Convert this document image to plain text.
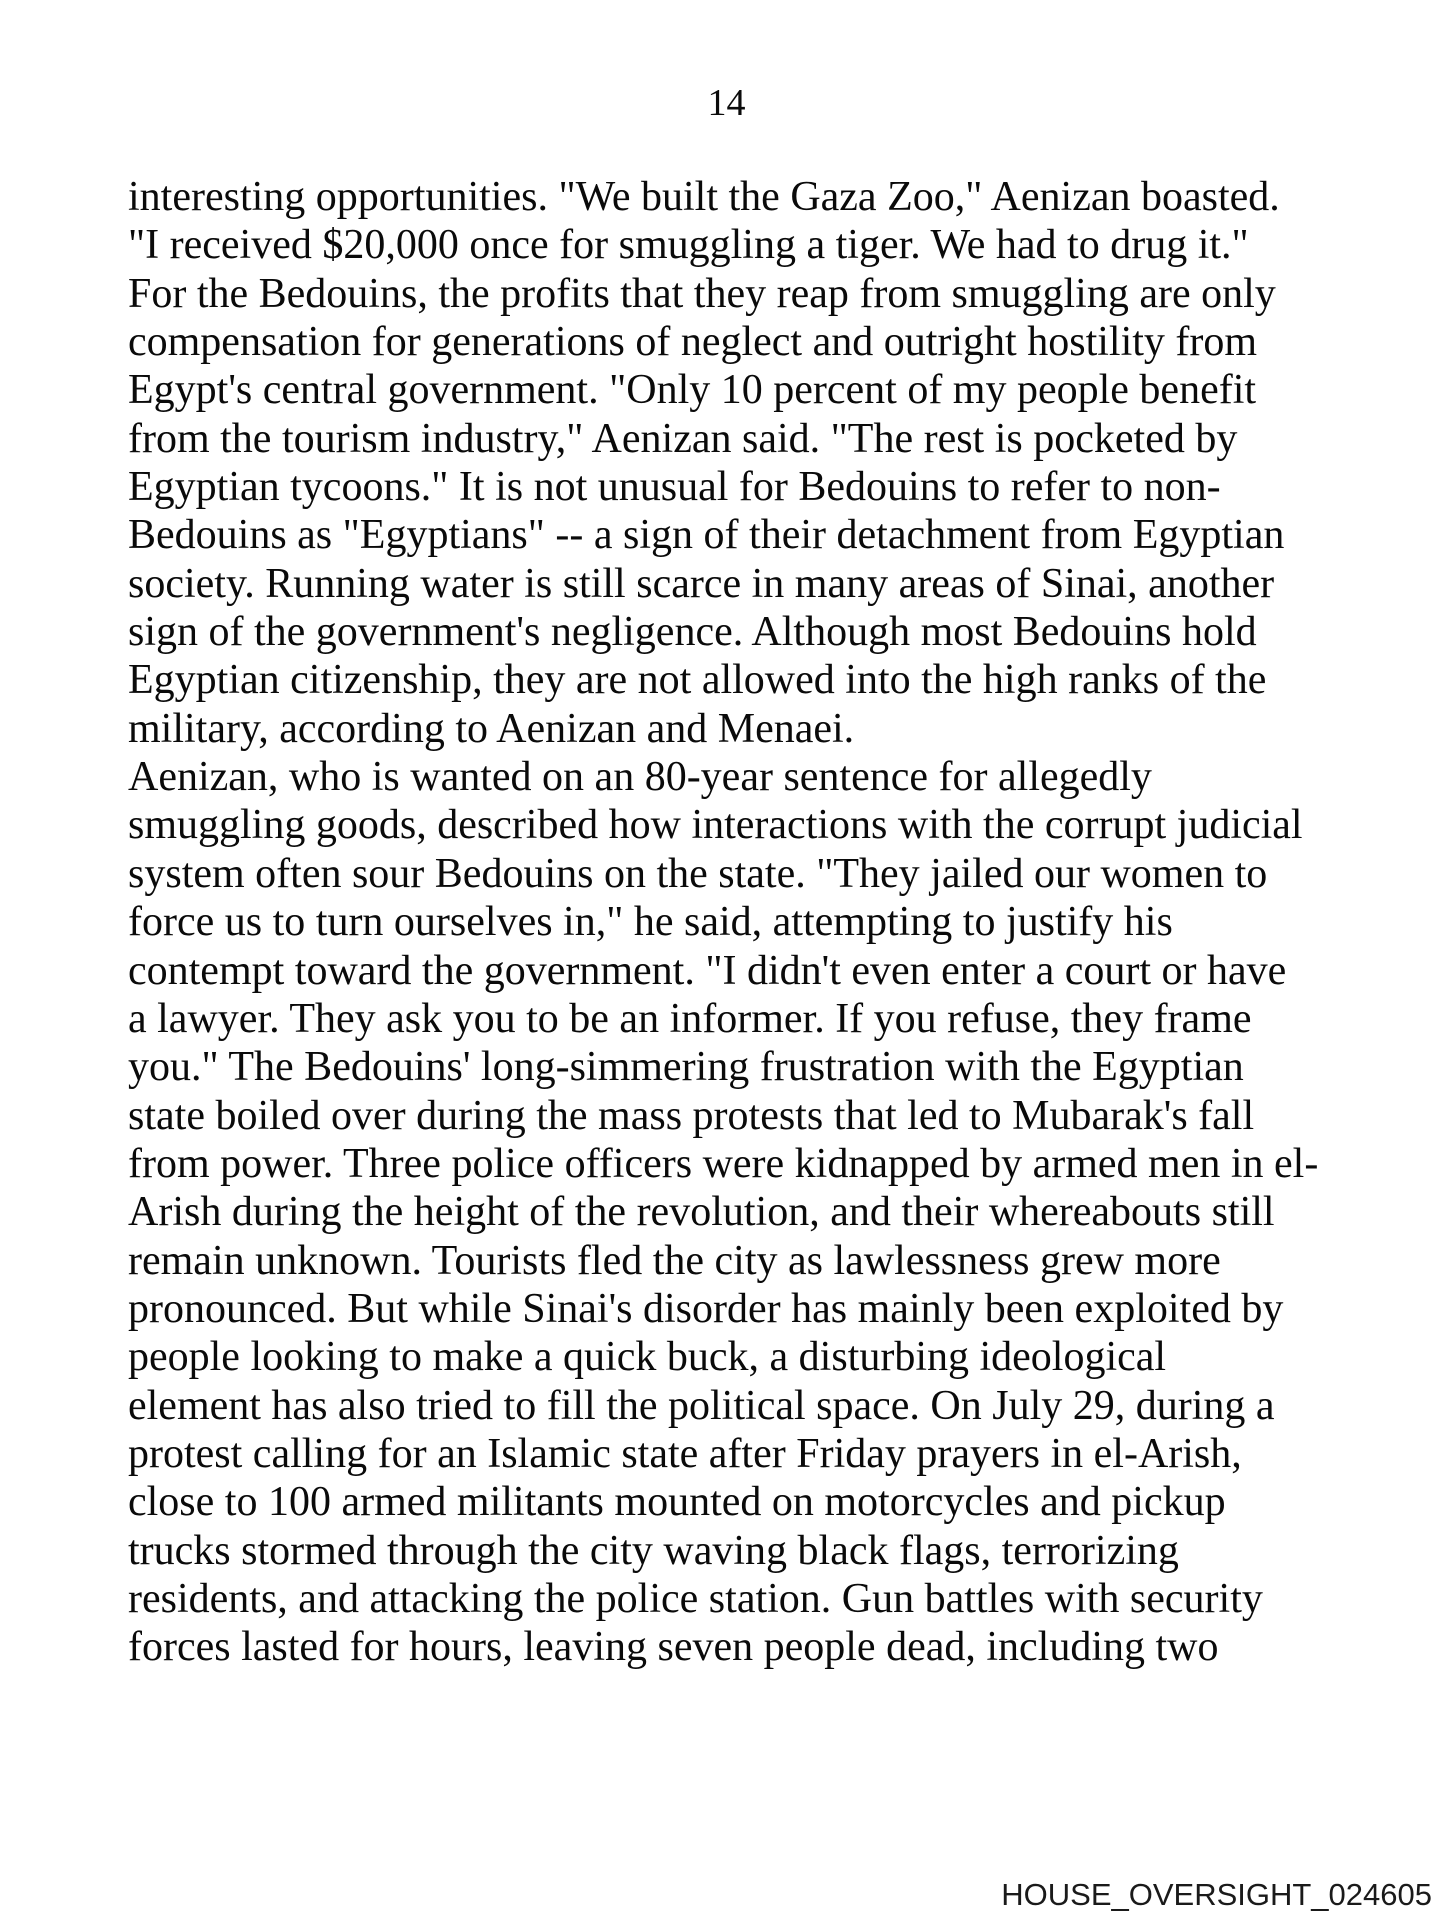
14
interesting opportunities. "We built the Gaza Zoo," Aenizan boasted.
"I received $20,000 once for smuggling a tiger. We had to drug it."
For the Bedouins, the profits that they reap from smuggling are only
compensation for generations of neglect and outright hostility from
Egypt's central government. "Only 10 percent of my people benefit
from the tourism industry," Aenizan said. "The rest is pocketed by
Egyptian tycoons." It is not unusual for Bedouins to refer to non-
Bedouins as "Egyptians" -- a sign of their detachment from Egyptian
society. Running water is still scarce in many areas of Sinai, another
sign of the government's negligence. Although most Bedouins hold
Egyptian citizenship, they are not allowed into the high ranks of the
military, according to Aenizan and Menaei.
Aenizan, who is wanted on an 80-year sentence for allegedly
smuggling goods, described how interactions with the corrupt judicial
system often sour Bedouins on the state. "They jailed our women to
force us to turn ourselves in," he said, attempting to justify his
contempt toward the government. "I didn't even enter a court or have
a lawyer. They ask you to be an informer. If you refuse, they frame
you." The Bedouins' long-simmering frustration with the Egyptian
state boiled over during the mass protests that led to Mubarak's fall
from power. Three police officers were kidnapped by armed men in el-
Arish during the height of the revolution, and their whereabouts still
remain unknown. Tourists fled the city as lawlessness grew more
pronounced. But while Sinai's disorder has mainly been exploited by
people looking to make a quick buck, a disturbing ideological
element has also tried to fill the political space. On July 29, during a
protest calling for an Islamic state after Friday prayers in el-Arish,
close to 100 armed militants mounted on motorcycles and pickup
trucks stormed through the city waving black flags, terrorizing
residents, and attacking the police station. Gun battles with security
forces lasted for hours, leaving seven people dead, including two
HOUSE_OVERSIGHT_024605
